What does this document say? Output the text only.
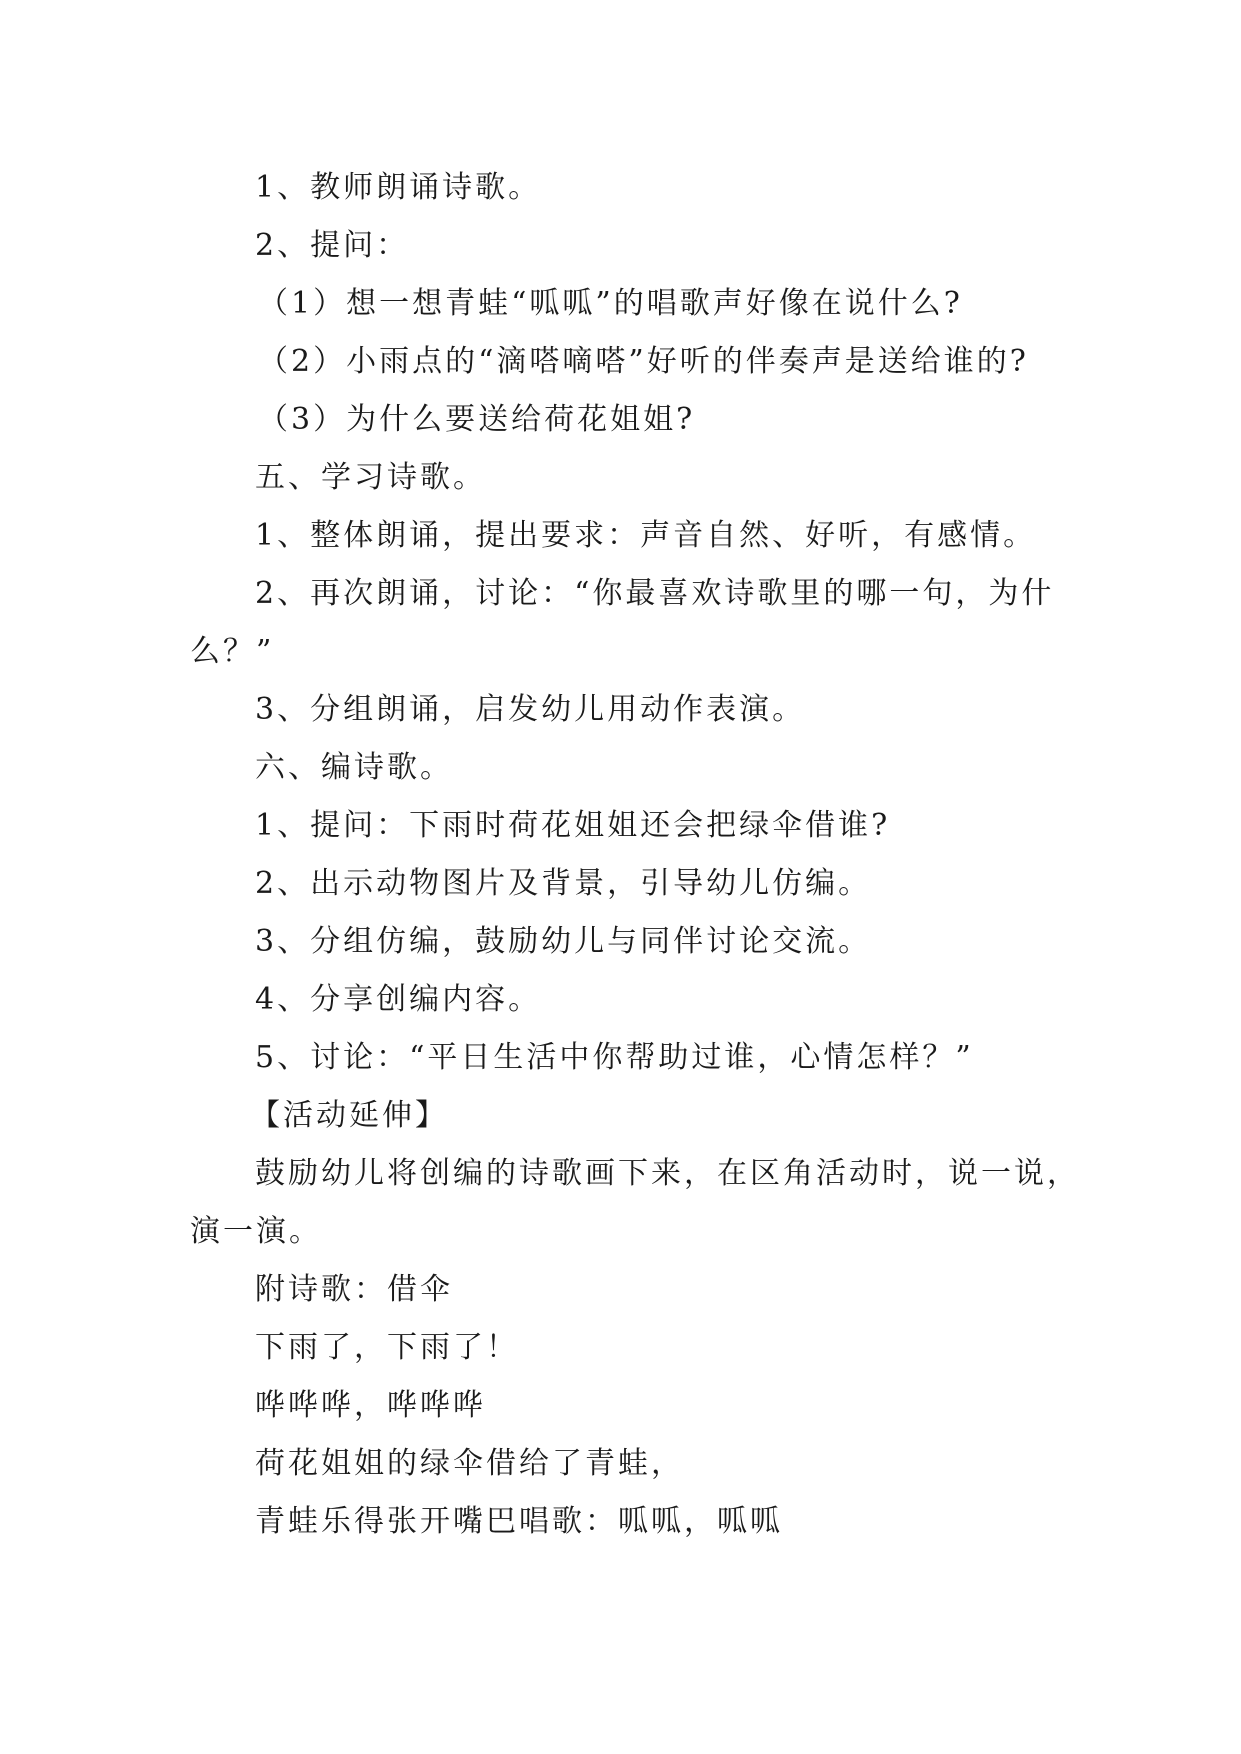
1、教师朗诵诗歌。
2、提问：
（1）想一想青蛙“呱呱”的唱歌声好像在说什么?
（2）小雨点的“滴嗒嘀嗒”好听的伴奏声是送给谁的?
（3）为什么要送给荷花姐姐?
五、学习诗歌。
1、整体朗诵，提出要求：声音自然、好听，有感情。
2、再次朗诵，讨论：“你最喜欢诗歌里的哪一句，为什
么？”
3、分组朗诵，启发幼儿用动作表演。
六、编诗歌。
1、提问：下雨时荷花姐姐还会把绿伞借谁?
2、出示动物图片及背景，引导幼儿仿编。
3、分组仿编，鼓励幼儿与同伴讨论交流。
4、分享创编内容。
5、讨论：“平日生活中你帮助过谁，心情怎样？”
【活动延伸】
鼓励幼儿将创编的诗歌画下来，在区角活动时，说一说，
演一演。
附诗歌：借伞
下雨了，下雨了！
哗哗哗，哗哗哗
荷花姐姐的绿伞借给了青蛙，
青蛙乐得张开嘴巴唱歌：呱呱，呱呱
